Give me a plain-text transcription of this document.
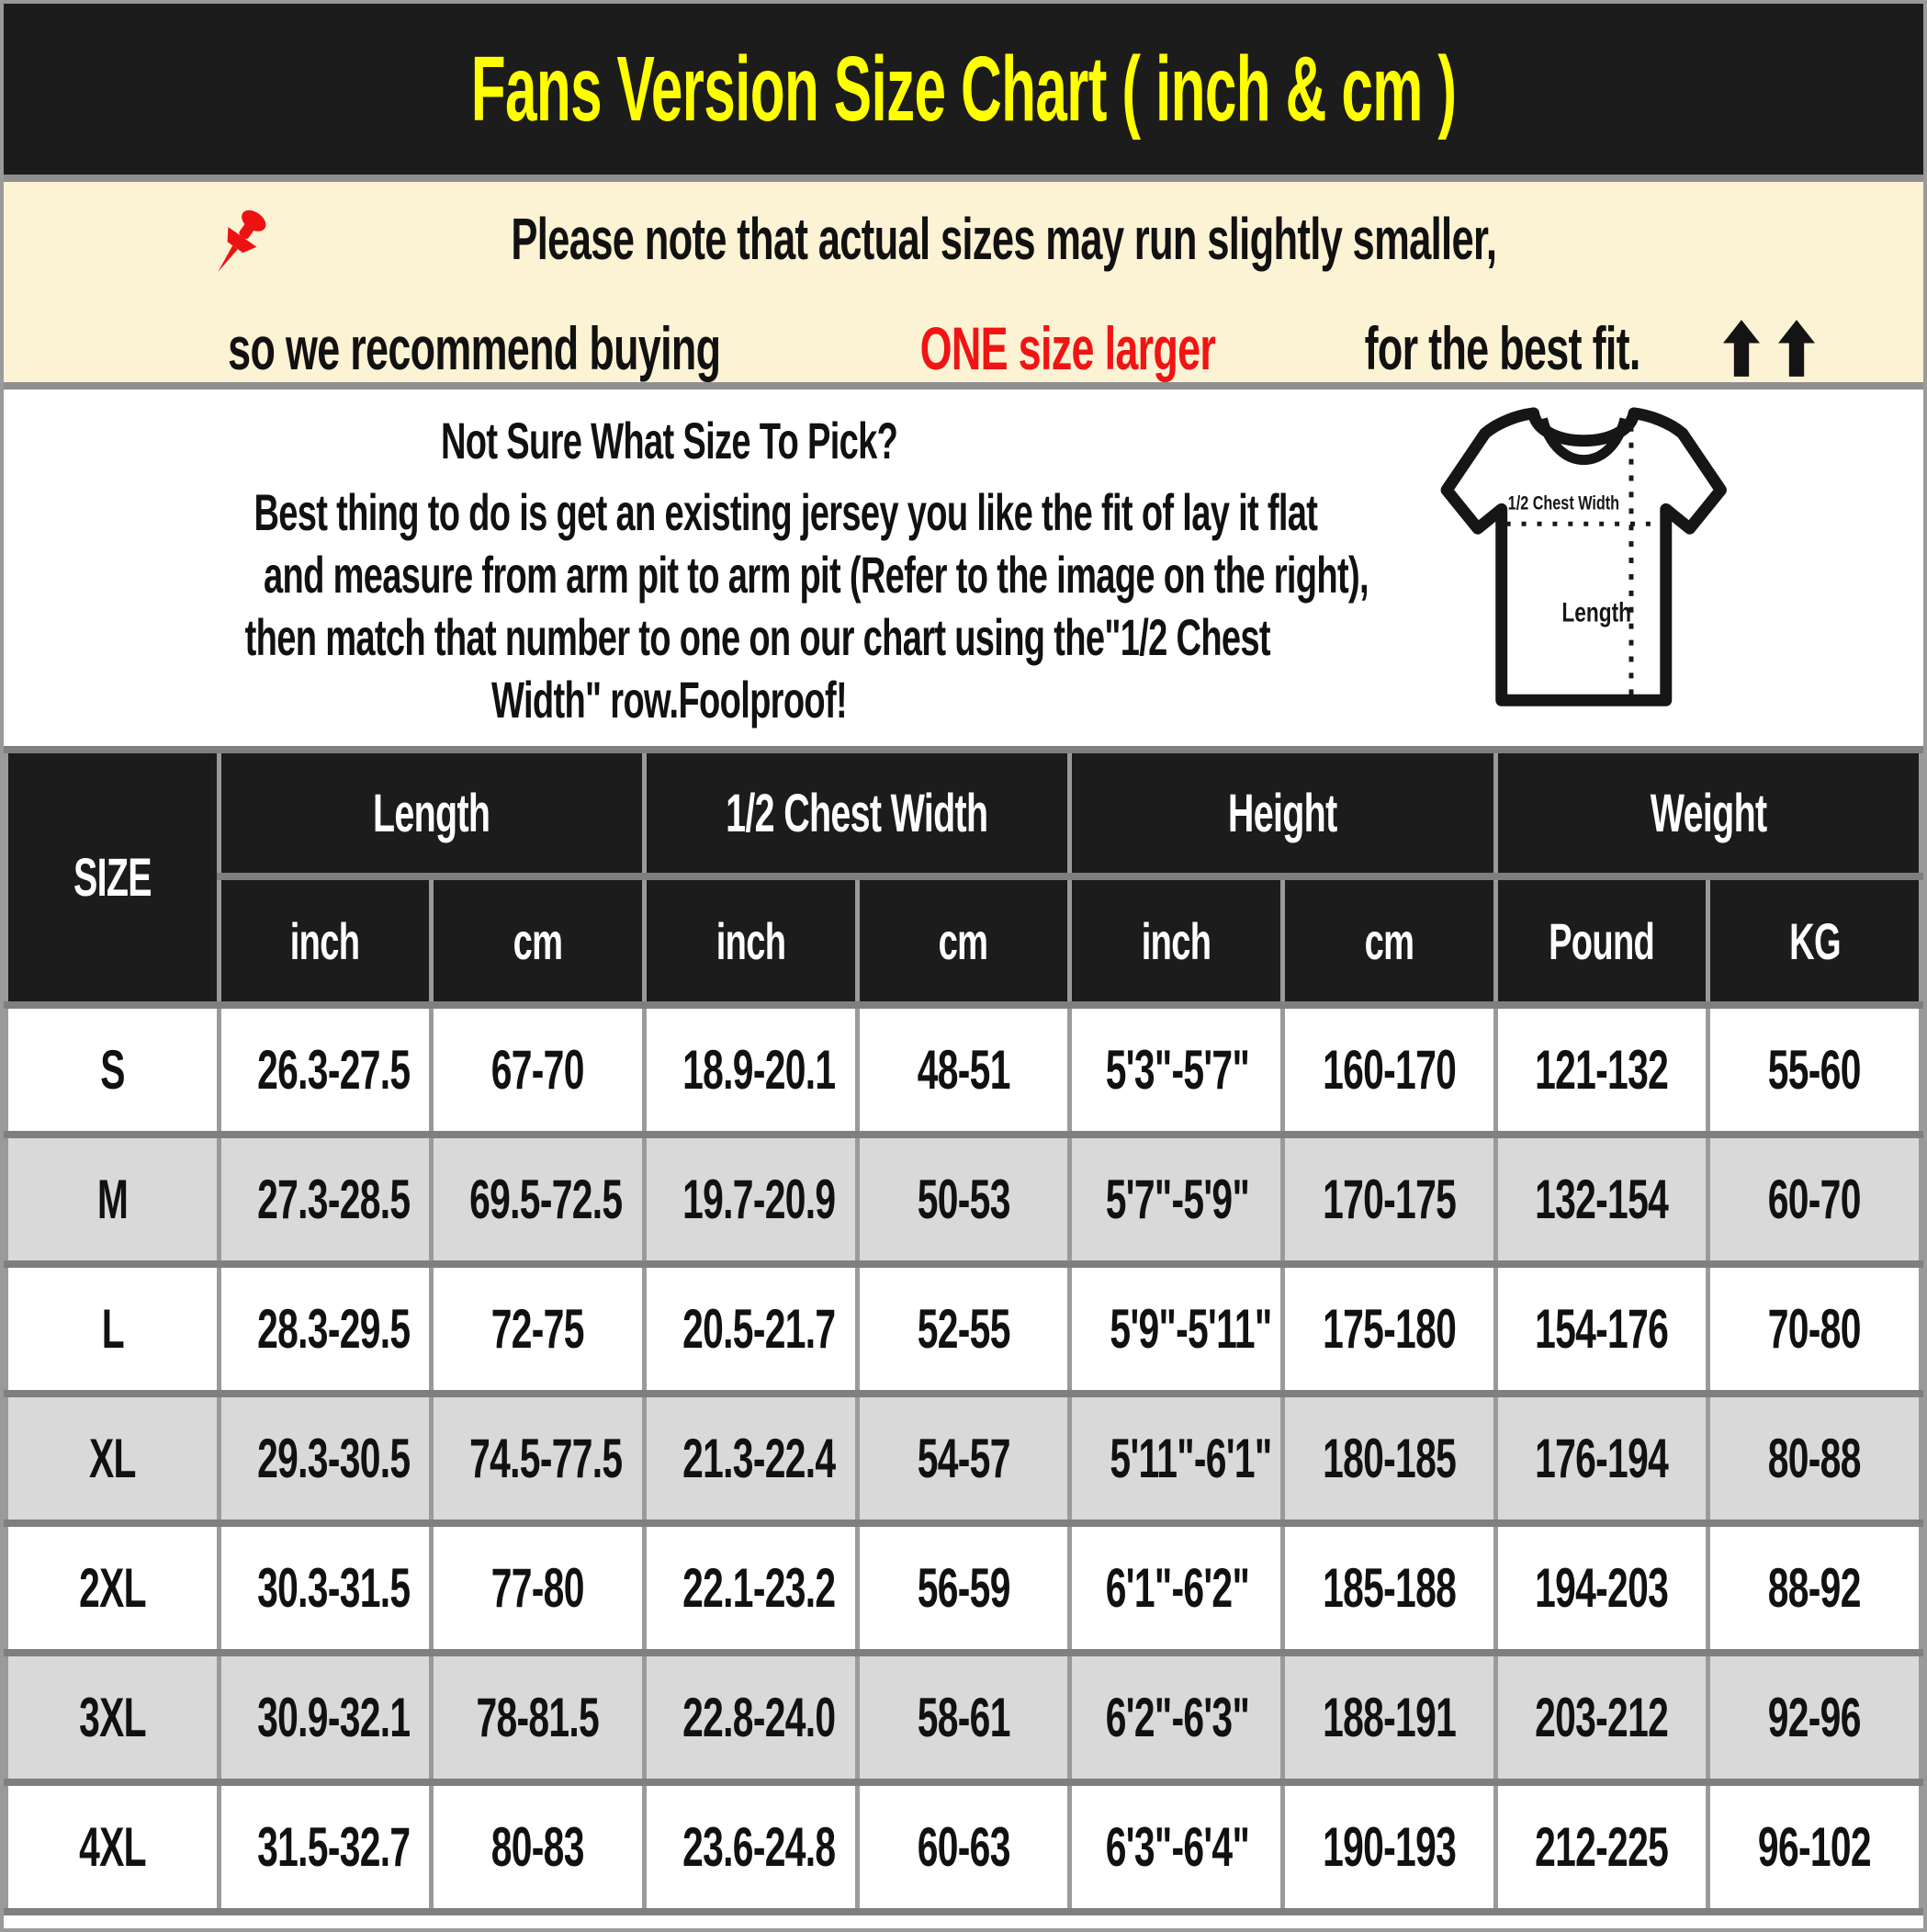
Fans Version Size Chart ( inch & cm )
Please note that actual sizes may run slightly smaller,
so we recommend buying	ONE size larger for the best fit.
Not Sure What Size To Pick?
Best thing to do is get an existing jersey you like the fit of lay it flat
and measure from arm pit to arm pit (Refer to the image on the right),
then match that number to one on our chart using the"1/2 Chest
Width" row.Foolproof!
1/2 Chest Width
Length
SIZE	Length		1/2 Chest Width		Height		Weight	
	inch	cm	inch	cm	inch	cm	Pound	KG
S	26.3-27.5	67-70	18.9-20.1	48-51	5'3"-5'7"	160-170	121-132	55-60
M	27.3-28.5	69.5-72.5	19.7-20.9	50-53	5'7"-5'9"	170-175	132-154	60-70
L	28.3-29.5	72-75	20.5-21.7	52-55	5'9"-5'11"	175-180	154-176	70-80
XL	29.3-30.5	74.5-77.5	21.3-22.4	54-57	5'11"-6'1"	180-185	176-194	80-88
2XL	30.3-31.5	77-80	22.1-23.2	56-59	6'1"-6'2"	185-188	194-203	88-92
3XL	30.9-32.1	78-81.5	22.8-24.0	58-61	6'2"-6'3"	188-191	203-212	92-96
4XL	31.5-32.7	80-83	23.6-24.8	60-63	6'3"-6'4"	190-193	212-225	96-102
